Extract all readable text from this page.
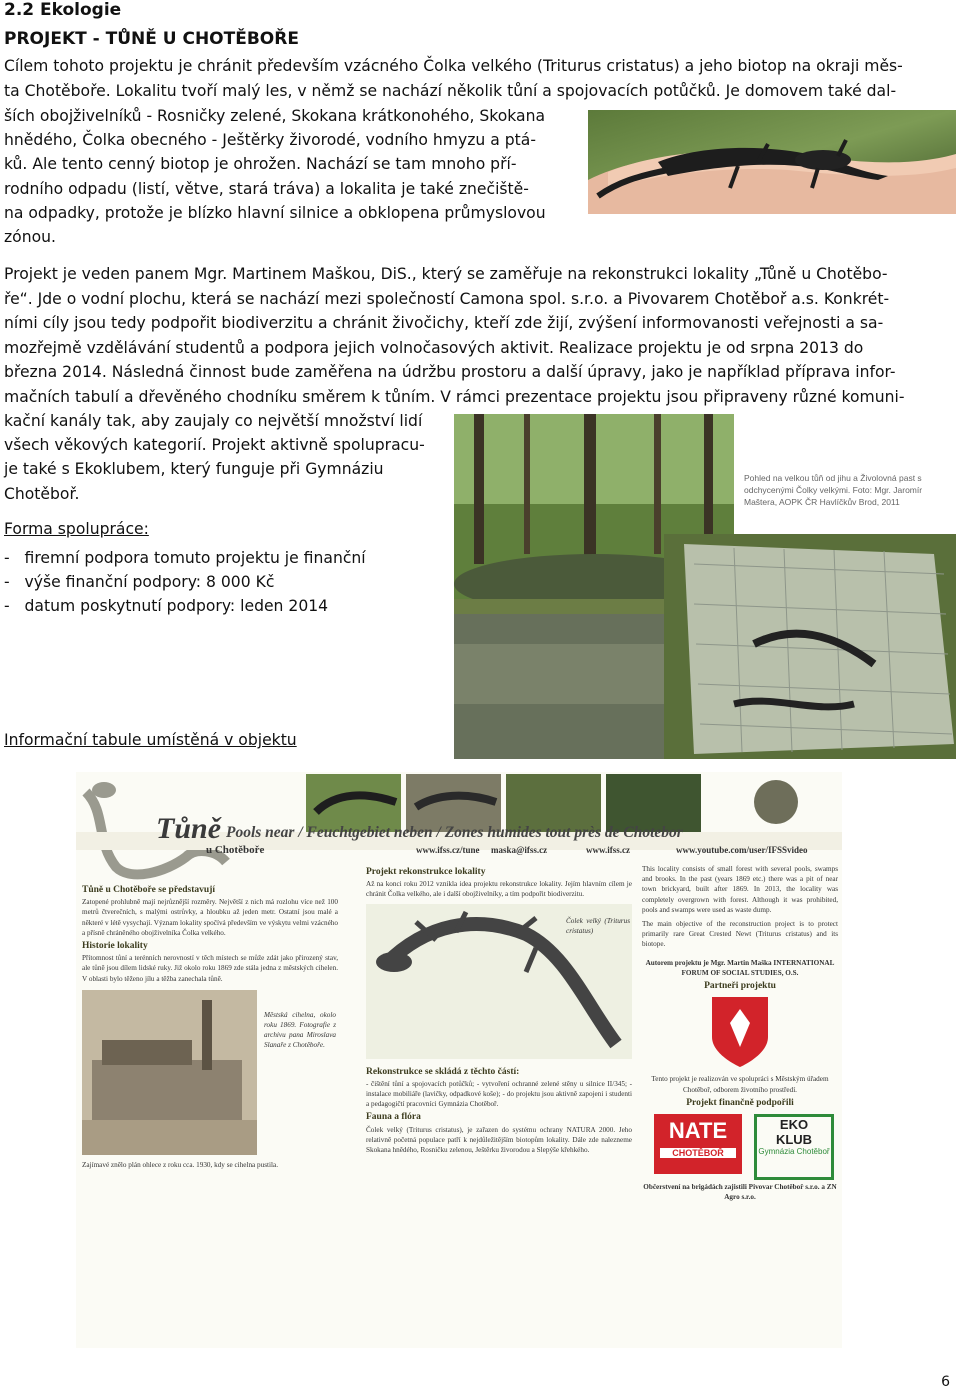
2.2 Ekologie
PROJEKT - TŮNĚ U CHOTĚBOŘE
Cílem tohoto projektu je chránit především vzácného Čolka velkého (Triturus cristatus) a jeho biotop na okraji měs-
ta Chotěboře. Lokalitu tvoří malý les, v němž se nachází několik tůní a spojovacích potůčků. Je domovem také dal-
ších obojživelníků - Rosničky zelené, Skokana krátkonohého, Skokana
hnědého, Čolka obecného - Ještěrky živorodé, vodního hmyzu a ptá-
ků. Ale tento cenný biotop je ohrožen. Nachází se tam mnoho pří-
rodního odpadu (listí, větve, stará tráva) a lokalita je také znečiště-
na odpadky, protože je blízko hlavní silnice a obklopena průmyslovou
zónou.
Projekt je veden panem Mgr. Martinem Maškou, DiS., který se zaměřuje na rekonstrukci lokality „Tůně u Chotěbo-
ře“. Jde o vodní plochu, která se nachází mezi společností Camona spol. s.r.o. a Pivovarem Chotěboř a.s. Konkrét-
ními cíly jsou tedy podpořit biodiverzitu a chránit živočichy, kteří zde žijí, zvýšení informovanosti veřejnosti a sa-
mozřejmě vzdělávání studentů a podpora jejich volnočasových aktivit. Realizace projektu je od srpna 2013 do
března 2014. Následná činnost bude zaměřena na údržbu prostoru a další úpravy, jako je například příprava infor-
mačních tabulí a dřevěného chodníku směrem k tůním. V rámci prezentace projektu jsou připraveny různé komuni-
kační kanály tak, aby zaujaly co největší množství lidí
všech věkových kategorií. Projekt aktivně spolupracu-
je také s Ekoklubem, který funguje při Gymnáziu
Chotěboř.
Pohled na velkou tůň od jihu a Živolovná past s odchycenými Čolky velkými. Foto: Mgr. Jaromír Maštera, AOPK ČR Havlíčkův Brod, 2011
Forma spolupráce:
-   firemní podpora tomuto projektu je finanční
-   výše finanční podpory: 8 000 Kč
-   datum poskytnutí podpory: leden 2014
Informační tabule umístěná v objektu
Tůně
u Chotěboře
Pools near / Feuchtgebiet neben / Zones humides tout près de Chotebor
www.ifss.cz/tune maska@ifss.cz	www.ifss.cz	www.youtube.com/user/IFSSvideo
Tůně u Chotěboře se představují
Zatopené prohlubně mají nejrůznější rozměry. Největší z nich má rozlohu více než 100 metrů čtverečních, s malými ostrůvky, a hloubku až jeden metr. Ostatní jsou malé a některé v létě vysychají. Význam lokality spočívá především ve výskytu velmi vzácného a přísně chráněného obojživelníka Čolka velkého.
Historie lokality
Přítomnost tůní a terénních nerovností v těch místech se může zdát jako přirozený stav, ale tůně jsou dílem lidské ruky. Již okolo roku 1869 zde stála jedna z městských cihelen. V oblasti bylo těženo jílu a těžba zanechala tůně.
Městská cihelna, okolo roku 1869. Fotografie z archivu pana Miroslava Slanaře z Chotěboře.
Zajímavé znělo plán ohlece z roku cca. 1930, kdy se cihelna pustila.
Projekt rekonstrukce lokality
Až na konci roku 2012 vznikla idea projektu rekonstrukce lokality. Jejím hlavním cílem je chránit Čolka velkého, ale i další obojživelníky, a tím podpořit biodiverzitu.
Čolek velký (Triturus cristatus)
Rekonstrukce se skládá z těchto částí:
- čištění tůní a spojovacích potůčků; - vytvoření ochranné zelené stěny u silnice II/345; - instalace mobiliáře (lavičky, odpadkové koše); - do projektu jsou aktivně zapojeni i studenti a pedagogičtí pracovníci Gymnázia Chotěboř.
Fauna a flóra
Čolek velký (Triturus cristatus), je zařazen do systému ochrany NATURA 2000. Jeho relativně početná populace patří k nejdůležitějším biotopům lokality. Dále zde nalezneme Skokana hnědého, Rosničku zelenou, Ještěrku živorodou a Slepýše křehkého.
This locality consists of small forest with several pools, swamps and brooks. In the past (years 1869 etc.) there was a pit of near town brickyard, built after 1869. In 2013, the locality was completely overgrown with forest. Although it was prohibited, pools and swamps were used as waste dump.
The main objective of the reconstruction project is to protect primarily rare Great Crested Newt (Triturus cristatus) and its biotope.
Autorem projektu je Mgr. Martin Maška INTERNATIONAL FORUM OF SOCIAL STUDIES, O.S.
Partneři projektu
Tento projekt je realizován ve spolupráci s Městským úřadem Chotěboř, odborem životního prostředí.
Projekt finančně podpořili
NATE
CHOTĚBOŘ
EKO
KLUB
Gymnázia Chotěboř
Občerstvení na brigádách zajistili Pivovar Chotěboř s.r.o. a ZN Agro s.r.o.
6
